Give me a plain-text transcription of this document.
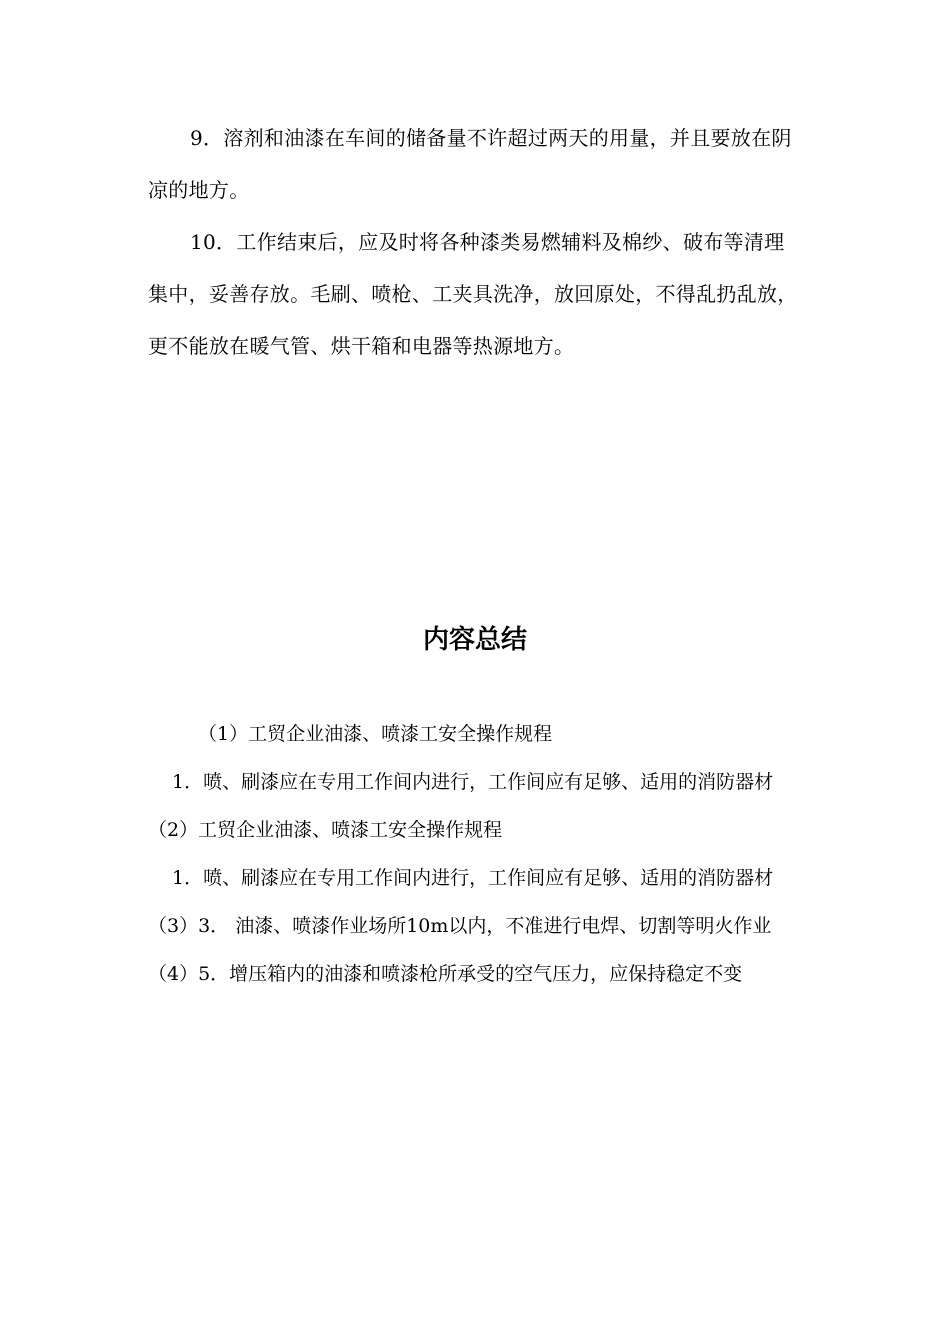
9．溶剂和油漆在车间的储备量不许超过两天的用量，并且要放在阴凉的地方。

10．工作结束后，应及时将各种漆类易燃辅料及棉纱、破布等清理集中，妥善存放。毛刷、喷枪、工夹具洗净，放回原处，不得乱扔乱放，更不能放在暖气管、烘干箱和电器等热源地方。

内容总结

（1）工贸企业油漆、喷漆工安全操作规程

1．喷、刷漆应在专用工作间内进行，工作间应有足够、适用的消防器材

（2）工贸企业油漆、喷漆工安全操作规程

1．喷、刷漆应在专用工作间内进行，工作间应有足够、适用的消防器材

（3）3． 油漆、喷漆作业场所10m以内，不准进行电焊、切割等明火作业

（4）5．增压箱内的油漆和喷漆枪所承受的空气压力，应保持稳定不变
